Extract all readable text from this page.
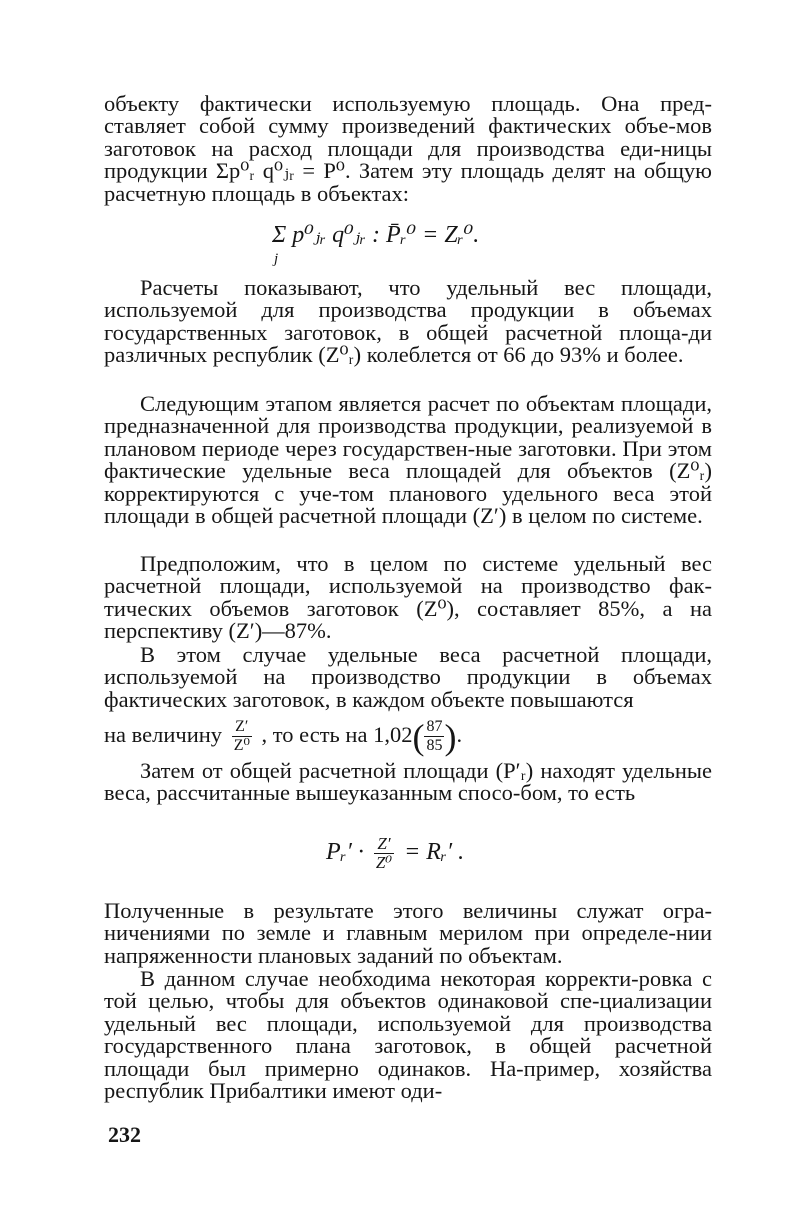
объекту фактически используемую площадь. Она пред-ставляет собой сумму произведений фактических объе-мов заготовок на расход площади для производства еди-ницы продукции Σp⁰ᵣ q⁰ⱼᵣ = P⁰. Затем эту площадь делят на общую расчетную площадь в объектах:

Σ p⁰ⱼᵣ q⁰ⱼᵣ : P̄ᵣ⁰ = Zᵣ⁰.
j

Расчеты показывают, что удельный вес площади, используемой для производства продукции в объемах государственных заготовок, в общей расчетной площа-ди различных республик (Z⁰ᵣ) колеблется от 66 до 93% и более.

Следующим этапом является расчет по объектам площади, предназначенной для производства продукции, реализуемой в плановом периоде через государствен-ные заготовки. При этом фактические удельные веса площадей для объектов (Z⁰ᵣ) корректируются с уче-том планового удельного веса этой площади в общей расчетной площади (Z′) в целом по системе.

Предположим, что в целом по системе удельный вес расчетной площади, используемой на производство фак-тических объемов заготовок (Z⁰), составляет 85%, а на перспективу (Z′)—87%.

В этом случае удельные веса расчетной площади, используемой на производство продукции в объемах фактических заготовок, в каждом объекте повышаются

на величину $\frac{Z'}{\text{Z⁰}}$ , то есть на $1,02( \frac{87}{85}$ ).

Затем от общей расчетной площади (P′ᵣ) находят удельные веса, рассчитанные вышеуказанным спосо-бом, то есть

Pᵣ′ · $\frac{Z'}{\text{Z⁰}}$ = Rᵣ′ .

Полученные в результате этого величины служат огра-ничениями по земле и главным мерилом при определе-нии напряженности плановых заданий по объектам.

В данном случае необходима некоторая корректи-ровка с той целью, чтобы для объектов одинаковой спе-циализации удельный вес площади, используемой для производства государственного плана заготовок, в общей расчетной площади был примерно одинаков. На-пример, хозяйства республик Прибалтики имеют оди-

232
